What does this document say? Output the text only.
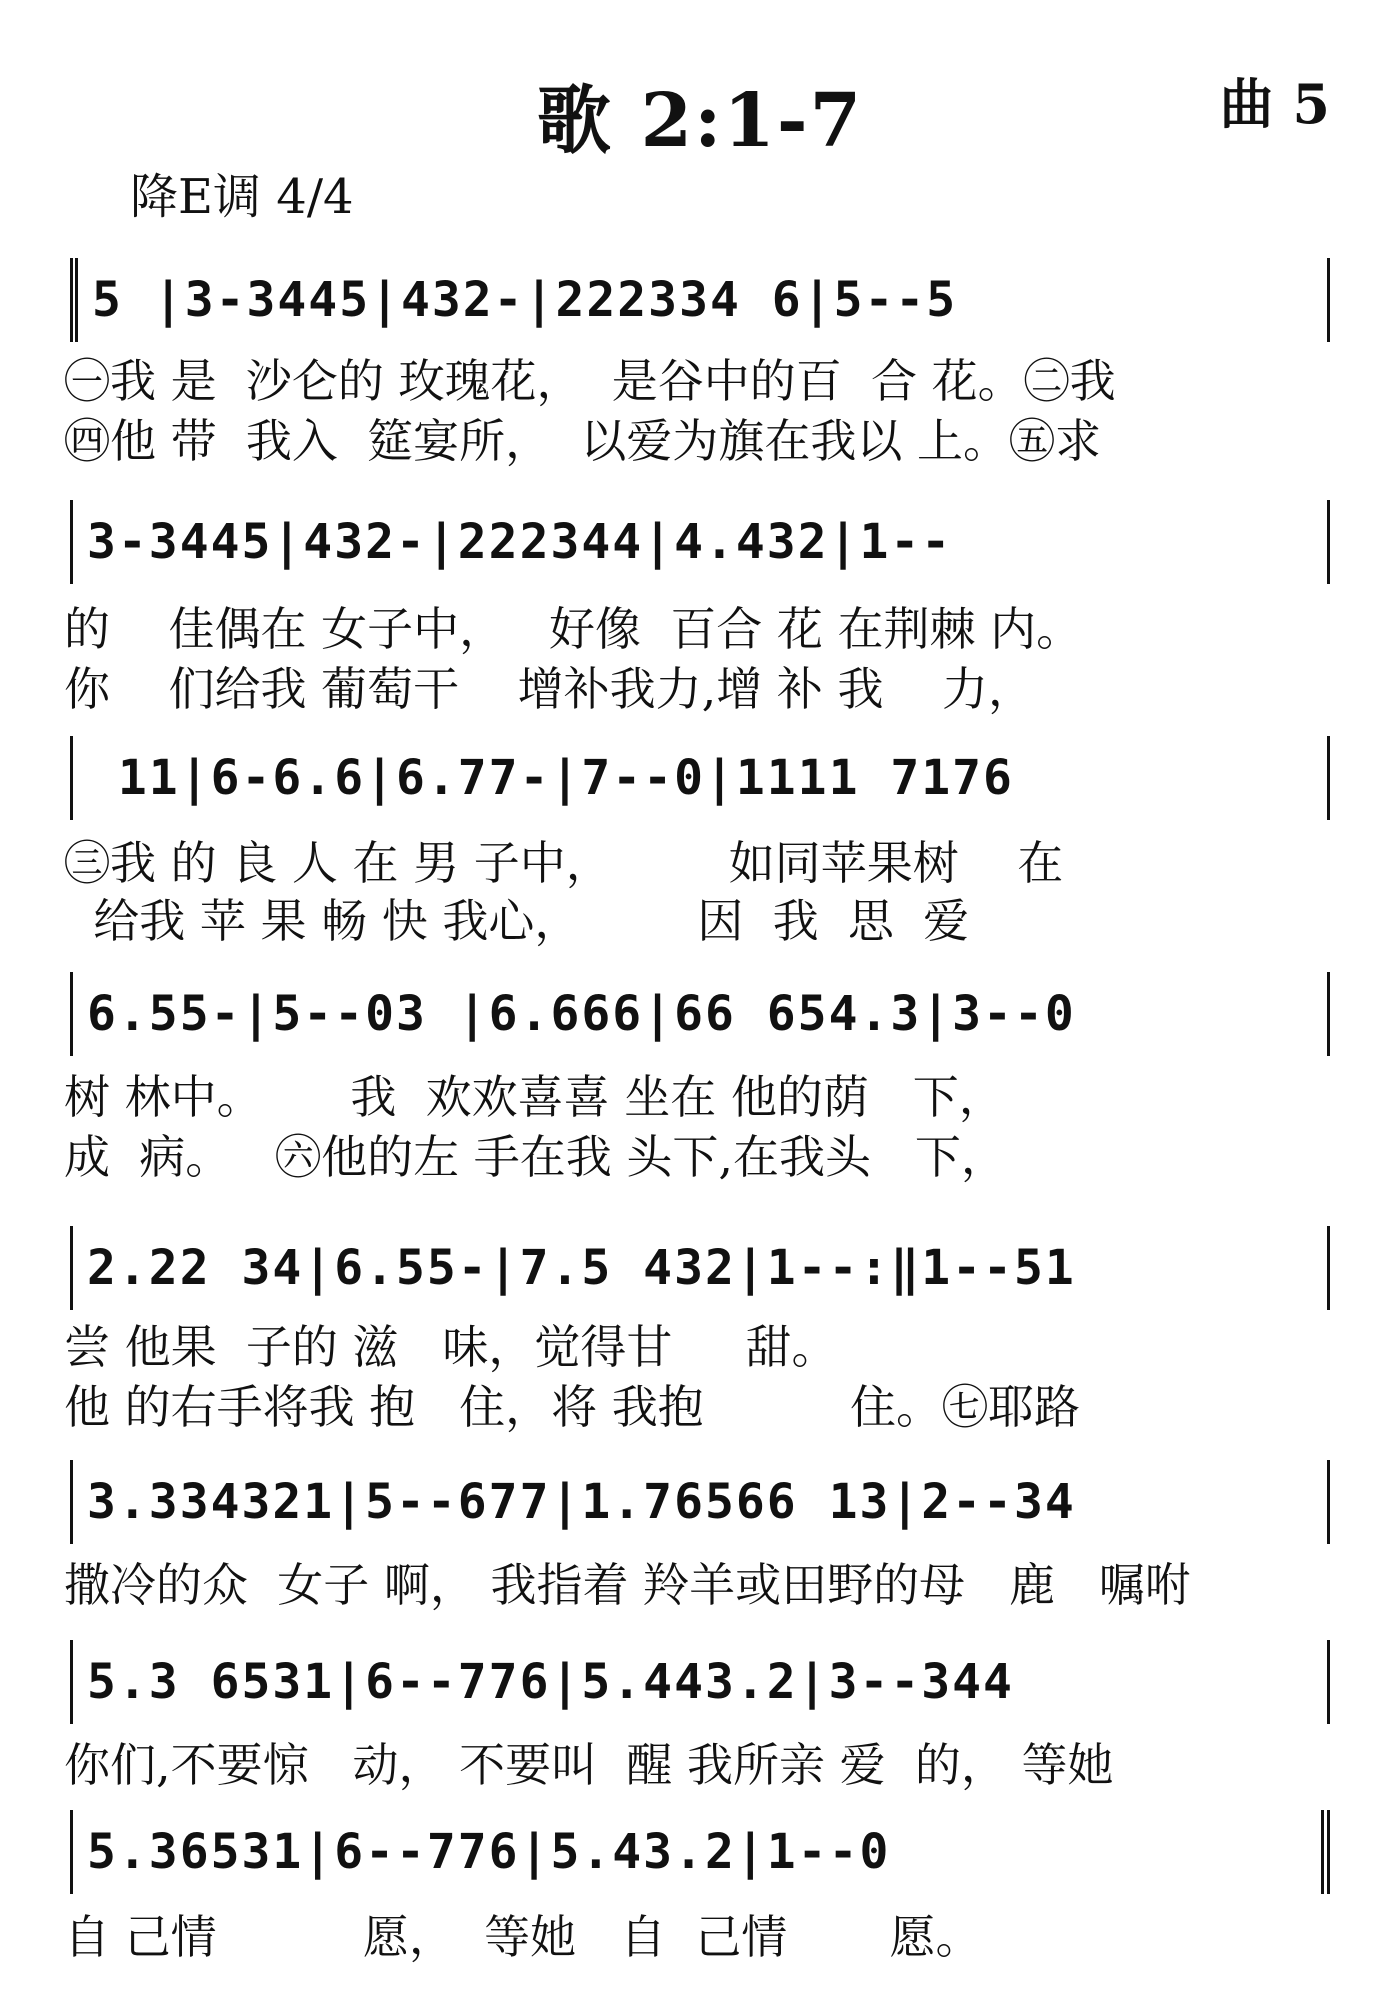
歌 2:1-7	曲 5
降E调 4/4
5 |3-3445|432-|222334 6|5--5
㊀我 是  沙仑的 玫瑰花，  是谷中的百  合 花。㊁我
㊃他 带  我入  筵宴所，  以爱为旗在我以 上。㊄求
3-3445|432-|222344|4.432|1--
的    佳偶在 女子中，   好像  百合 花 在荆棘 内。
你    们给我 葡萄干    增补我力,增 补 我    力，
11|6-6.6|6.77-|7--0|1111 7176
㊂我 的 良 人 在 男 子中，        如同苹果树    在
给我 苹 果 畅 快 我心，        因  我  思  爱
6.55-|5--03 |6.666|66 654.3|3--0
树 林中。      我  欢欢喜喜 坐在 他的荫   下，
成  病。   ㊅他的左 手在我 头下,在我头   下，
2.22 34|6.55-|7.5 432|1--:‖1--51
尝 他果  子的 滋   味，觉得甘     甜。
他 的右手将我 抱   住，将 我抱          住。㊆耶路
3.334321|5--677|1.76566 13|2--34
撒冷的众  女子 啊， 我指着 羚羊或田野的母   鹿   嘱咐
5.3 6531|6--776|5.443.2|3--344
你们,不要惊   动， 不要叫  醒 我所亲 爱  的， 等她
5.36531|6--776|5.43.2|1--0
自 己情          愿，  等她   自  己情       愿。
